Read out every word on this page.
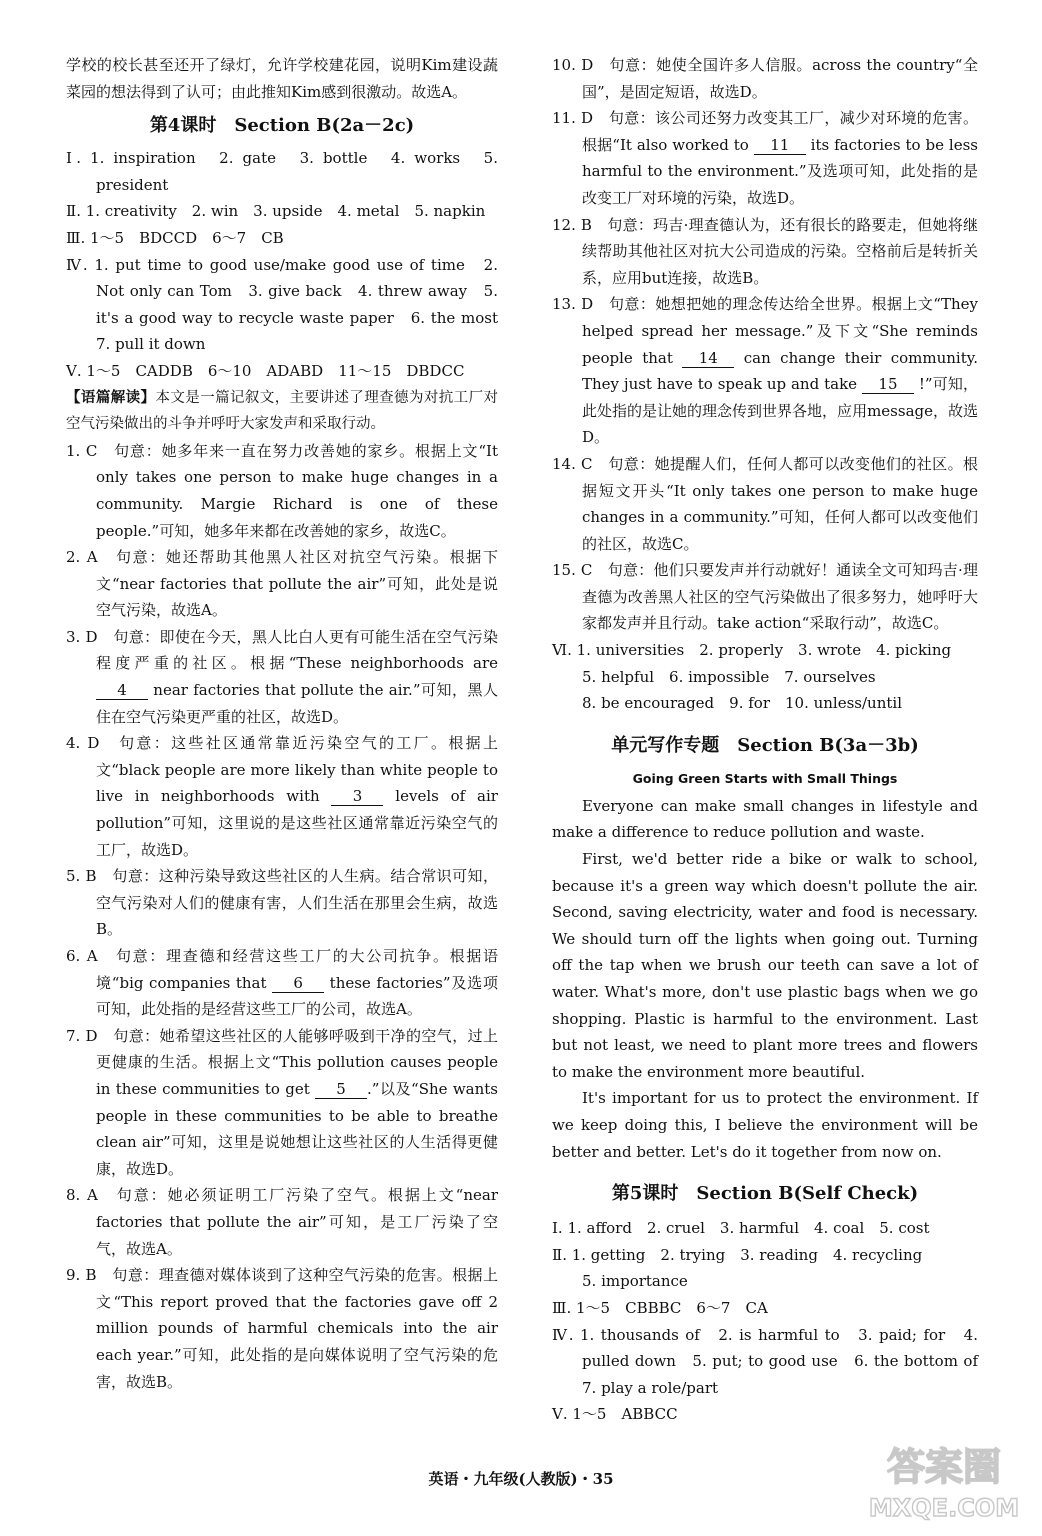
学校的校长甚至还开了绿灯，允许学校建花园，说明Kim建设蔬菜园的想法得到了认可；由此推知Kim感到很激动。故选A。

第4课时　Section B(2a－2c)

Ⅰ. 1. inspiration　2. gate　3. bottle　4. works　5. president

Ⅱ. 1. creativity　2. win　3. upside　4. metal　5. napkin

Ⅲ. 1～5　BDCCD　6～7　CB

Ⅳ. 1. put time to good use/make good use of time　2. Not only can Tom　3. give back　4. threw away　5. it's a good way to recycle waste paper　6. the most　7. pull it down

Ⅴ. 1～5　CADDB　6～10　ADABD　11～15　DBDCC

【语篇解读】本文是一篇记叙文，主要讲述了理查德为对抗工厂对空气污染做出的斗争并呼吁大家发声和采取行动。

1. C　句意：她多年来一直在努力改善她的家乡。根据上文“It only takes one person to make huge changes in a community. Margie Richard is one of these people.”可知，她多年来都在改善她的家乡，故选C。

2. A　句意：她还帮助其他黑人社区对抗空气污染。根据下文“near factories that pollute the air”可知，此处是说空气污染，故选A。

3. D　句意：即使在今天，黑人比白人更有可能生活在空气污染程度严重的社区。根据“These neighborhoods are 4 near factories that pollute the air.”可知，黑人住在空气污染更严重的社区，故选D。

4. D　句意：这些社区通常靠近污染空气的工厂。根据上文“black people are more likely than white people to live in neighborhoods with 3 levels of air pollution”可知，这里说的是这些社区通常靠近污染空气的工厂，故选D。

5. B　句意：这种污染导致这些社区的人生病。结合常识可知，空气污染对人们的健康有害，人们生活在那里会生病，故选B。

6. A　句意：理查德和经营这些工厂的大公司抗争。根据语境“big companies that 6 these factories”及选项可知，此处指的是经营这些工厂的公司，故选A。

7. D　句意：她希望这些社区的人能够呼吸到干净的空气，过上更健康的生活。根据上文“This pollution causes people in these communities to get 5 .”以及“She wants people in these communities to be able to breathe clean air”可知，这里是说她想让这些社区的人生活得更健康，故选D。

8. A　句意：她必须证明工厂污染了空气。根据上文“near factories that pollute the air”可知，是工厂污染了空气，故选A。

9. B　句意：理查德对媒体谈到了这种空气污染的危害。根据上文“This report proved that the factories gave off 2 million pounds of harmful chemicals into the air each year.”可知，此处指的是向媒体说明了空气污染的危害，故选B。

10. D　句意：她使全国许多人信服。across the country“全国”，是固定短语，故选D。

11. D　句意：该公司还努力改变其工厂，减少对环境的危害。根据“It also worked to 11 its factories to be less harmful to the environment.”及选项可知，此处指的是改变工厂对环境的污染，故选D。

12. B　句意：玛吉·理查德认为，还有很长的路要走，但她将继续帮助其他社区对抗大公司造成的污染。空格前后是转折关系，应用but连接，故选B。

13. D　句意：她想把她的理念传达给全世界。根据上文“They helped spread her message.”及下文“She reminds people that 14 can change their community. They just have to speak up and take 15 !”可知，此处指的是让她的理念传到世界各地，应用message，故选D。

14. C　句意：她提醒人们，任何人都可以改变他们的社区。根据短文开头“It only takes one person to make huge changes in a community.”可知，任何人都可以改变他们的社区，故选C。

15. C　句意：他们只要发声并行动就好！通读全文可知玛吉·理查德为改善黑人社区的空气污染做出了很多努力，她呼吁大家都发声并且行动。take action“采取行动”，故选C。

Ⅵ. 1. universities　2. properly　3. wrote　4. picking

5. helpful　6. impossible　7. ourselves

8. be encouraged　9. for　10. unless/until

单元写作专题　Section B(3a－3b)
Going Green Starts with Small Things

Everyone can make small changes in lifestyle and make a difference to reduce pollution and waste.

First, we'd better ride a bike or walk to school, because it's a green way which doesn't pollute the air. Second, saving electricity, water and food is necessary. We should turn off the lights when going out. Turning off the tap when we brush our teeth can save a lot of water. What's more, don't use plastic bags when we go shopping. Plastic is harmful to the environment. Last but not least, we need to plant more trees and flowers to make the environment more beautiful.

It's important for us to protect the environment. If we keep doing this, I believe the environment will be better and better. Let's do it together from now on.

第5课时　Section B(Self Check)

Ⅰ. 1. afford　2. cruel　3. harmful　4. coal　5. cost

Ⅱ. 1. getting　2. trying　3. reading　4. recycling

5. importance

Ⅲ. 1～5　CBBBC　6～7　CA

Ⅳ. 1. thousands of　2. is harmful to　3. paid; for　4. pulled down　5. put; to good use　6. the bottom of　7. play a role/part

Ⅴ. 1～5　ABBCC

英语・九年级(人教版)・35	答案圈
MXQE.COM
